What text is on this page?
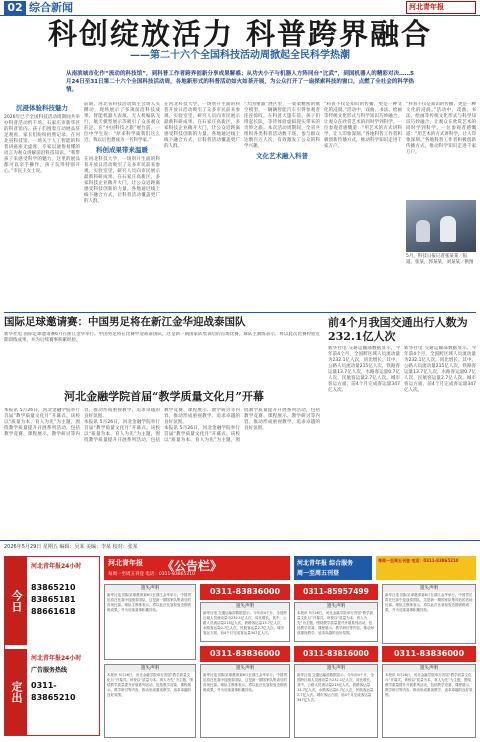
02 综合新闻	河北青年报
科创绽放活力 科普跨界融合
——第二十六个全国科技活动周掀起全民科学热潮
从南滨城市化作“流动的科技馆”，到科普工作者跨界创新分享成果解惑；从功夫小子与机器人方阵同台“比武”，到国机器人的精彩对决……5月24日至31日第二十六个全国科技活动周，各地新形式的科普活动如火如荼开展，为公众打开了一扇探索科技的窗口，点燃了全社会的科学热情。
沉浸体验科技魅力
2026年已于全国科技活动周期间共举办科普活动约千场。石家庄市新华区的科普馆内，孩子们围着互动展品驻足观看，家长们纷纷拍照记录。在河北省科技馆，一场关于人工智能的科普讲座座无虚席，专家以通俗易懂的语言为观众讲解前沿科技知识。“我带孩子来感受科学的魅力，这里的展品都可以亲手操作，孩子玩得特别开心。”市民王女士说。
前期，河北省科技活动周主会场人头攒动，现场展示了多项前沿科技成果。智能机器人表演、无人机编队飞行、航天模型展示等吸引了众多观众驻足。在“中国科技之旅”展台前，一位中学生说：“原来科学离我们这么近，我以后也想成为一名科学家。”
科创成果带来温暖
在河北科技大学，一场别开生面的科普开放日活动吸引了众多市民前来参观。实验室里，研究人员向市民展示最新科研成果。在石家庄高新区，多家科技企业敞开大门，让公众近距离感受科技创新的力量。各地通过线上线下融合方式，让科普活动覆盖更广的人群。
在河北科技大学，一场别开生面的科普开放日活动吸引了众多市民前来参观。实验室里，研究人员向市民展示最新科研成果。在石家庄高新区，多家科技企业敞开大门，让公众近距离感受科技创新的力量。各地通过线上线下融合方式，让科普活动覆盖更广的人群。
“大国重器”展区里，一架架精密的航空模型、一辆辆智能汽车引得参观者连连惊叹。在科普大篷车前，孩子们排起长队，等待体验虚拟现实带来的奇妙之旅。本次活动周期间，全省共组织各类科普活动数千场，参与群众达数百万人次，有效激发了公众的科学兴趣。
文化艺术融入科普
“科普不仅是知识的传播，更是一种文化的浸润。”活动中，戏曲、书法、绘画等传统文化形式与科学知识巧妙融合，让观众在欣赏艺术的同时学到科学。一位参观者感慨道：“用艺术的方式讲科学，让人印象深刻。”各地科普工作者积极创新传播方式，推动科学知识走进千家万户。
“科普不仅是知识的传播，更是一种文化的浸润。”活动中，戏曲、书法、绘画等传统文化形式与科学知识巧妙融合，让观众在欣赏艺术的同时学到科学。一位参观者感慨道：“用艺术的方式讲科学，让人印象深刻。”各地科普工作者积极创新传播方式，推动科学知识走进千家万户。
5月，科技日报记者张某某／报道。张某，郭某某，刘某某／供图
国际足球邀请赛：中国男足将在新江金华迎战泰国队
新华社电 国际足球邀请赛6月在浙江金华举行。中国男足将在比赛中迎战泰国队，这是新一期国家队集训后的首场比赛。球队主教练表示，将以此次比赛检验近期训练成果，并为后续赛事积累经验。
河北金融学院首届“教学质量文化月”开幕
本报讯 5月26日，河北金融学院举行首届“教学质量文化月”开幕式。该校以“质量为本、育人为先”为主题，围绕教学质量提升开展系列活动，包括教学竞赛、课程展示、教学研讨等内容，推动形成重视教学、追求卓越的良好氛围。
本报讯 5月26日，河北金融学院举行首届“教学质量文化月”开幕式。该校以“质量为本、育人为先”为主题，围绕教学质量提升开展系列活动，包括教学竞赛、课程展示、教学研讨等内容，推动形成重视教学、追求卓越的良好氛围。
本报讯 5月26日，河北金融学院举行首届“教学质量文化月”开幕式。该校以“质量为本、育人为先”为主题，围绕教学质量提升开展系列活动，包括教学竞赛、课程展示、教学研讨等内容，推动形成重视教学、追求卓越的良好氛围。
前4个月我国交通出行人数为232.1亿人次
新华社电 交通运输部数据显示，今年前4个月，全国跨区域人员流动量为232.1亿人次，同比增长。其中，公路人员流动量215亿人次，铁路客运量13.7亿人次，水路客运量0.7亿人次，民航客运量2.7亿人次。城市客运方面，前4个月完成客运量347亿人次。
新华社电 交通运输部数据显示，今年前4个月，全国跨区域人员流动量为232.1亿人次，同比增长。其中，公路人员流动量215亿人次，铁路客运量13.7亿人次，水路客运量0.7亿人次，民航客运量2.7亿人次。城市客运方面，前4个月完成客运量347亿人次。
2026年5月29日 星期五 编辑：吴某 美编：李某 校对：张某
河北青年报 《公告栏》
每周一至周五刊登 电话：0311-83865210
河北青年报 综合服务
周一至周五刊登
每周一至周五刊登 电话：0311-83865210
今日
定出
河北青年报24小时
83865210
83865181
88661618
河北青年报24小时
广告服务热线
0311-
83865210
遗失声明
新华社电 国际足球邀请赛6月在浙江金华举行。中国男足将在比赛中迎战泰国队，这是新一期国家队集训后的首场比赛。球队主教练表示，将以此次比赛检验近期训练成果，并为后续赛事积累经验。
遗失声明
本报讯 5月26日，河北金融学院举行首届“教学质量文化月”开幕式。该校以“质量为本、育人为先”为主题，围绕教学质量提升开展系列活动，包括教学竞赛、课程展示、教学研讨等内容，推动形成重视教学、追求卓越的良好氛围。
0311-83836000
遗失声明
新华社电 交通运输部数据显示，今年前4个月，全国跨区域人员流动量为232.1亿人次，同比增长。其中，公路人员流动量215亿人次，铁路客运量13.7亿人次，水路客运量0.7亿人次，民航客运量2.7亿人次。城市客运方面，前4个月完成客运量347亿人次。
0311-83836000
遗失声明
新华社电 国际足球邀请赛6月在浙江金华举行。中国男足将在比赛中迎战泰国队，这是新一期国家队集训后的首场比赛。球队主教练表示，将以此次比赛检验近期训练成果，并为后续赛事积累经验。
0311-85957499
遗失声明
本报讯 5月26日，河北金融学院举行首届“教学质量文化月”开幕式。该校以“质量为本、育人为先”为主题，围绕教学质量提升开展系列活动，包括教学竞赛、课程展示、教学研讨等内容，推动形成重视教学、追求卓越的良好氛围。
0311-83816000
遗失声明
新华社电 交通运输部数据显示，今年前4个月，全国跨区域人员流动量为232.1亿人次，同比增长。其中，公路人员流动量215亿人次，铁路客运量13.7亿人次，水路客运量0.7亿人次，民航客运量2.7亿人次。城市客运方面，前4个月完成客运量347亿人次。
遗失声明
新华社电 国际足球邀请赛6月在浙江金华举行。中国男足将在比赛中迎战泰国队，这是新一期国家队集训后的首场比赛。球队主教练表示，将以此次比赛检验近期训练成果，并为后续赛事积累经验。
0311-83836000
遗失声明
本报讯 5月26日，河北金融学院举行首届“教学质量文化月”开幕式。该校以“质量为本、育人为先”为主题，围绕教学质量提升开展系列活动，包括教学竞赛、课程展示、教学研讨等内容，推动形成重视教学、追求卓越的良好氛围。
